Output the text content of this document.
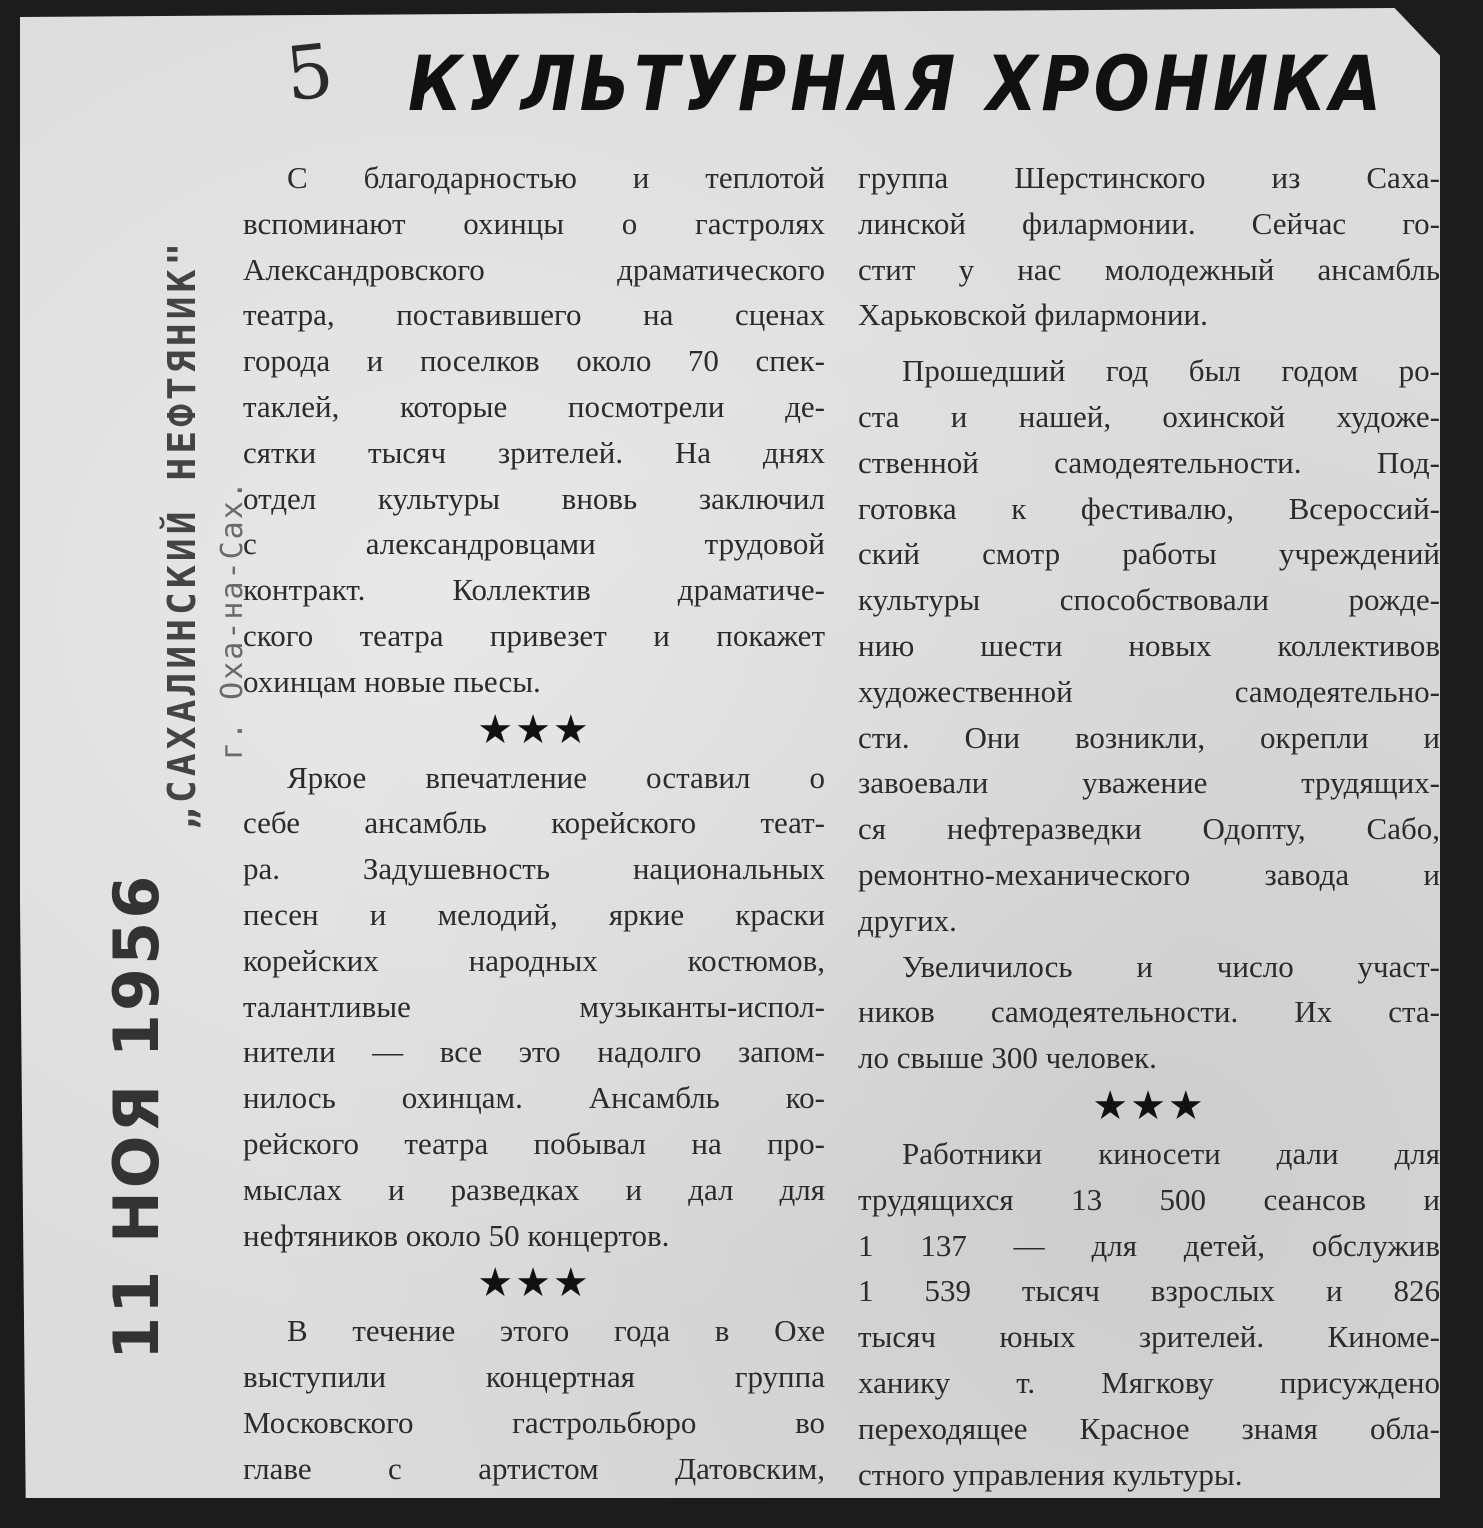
5 КУЛЬТУРНАЯ ХРОНИКА
„САХАЛИНСКИЙ НЕФТЯНИК" г. Оха-на-Сах.
11 НОЯ 1956
С благодарностью и теплотой
вспоминают охинцы о гастролях
Александровского драматического
театра, поставившего на сценах
города и поселков около 70 спек-
таклей, которые посмотрели де-
сятки тысяч зрителей. На днях
отдел культуры вновь заключил
с александровцами трудовой
контракт. Коллектив драматиче-
ского театра привезет и покажет
охинцам новые пьесы.
★★★
Яркое впечатление оставил о
себе ансамбль корейского теат-
ра. Задушевность национальных
песен и мелодий, яркие краски
корейских народных костюмов,
талантливые музыканты-испол-
нители — все это надолго запом-
нилось охинцам. Ансамбль ко-
рейского театра побывал на про-
мыслах и разведках и дал для
нефтяников около 50 концертов.
★★★
В течение этого года в Охе
выступили концертная группа
Московского гастрольбюро во
главе с артистом Датовским,
группа Шерстинского из Саха-
линской филармонии. Сейчас го-
стит у нас молодежный ансамбль
Харьковской филармонии.
Прошедший год был годом ро-
ста и нашей, охинской художе-
ственной самодеятельности. Под-
готовка к фестивалю, Всероссий-
ский смотр работы учреждений
культуры способствовали рожде-
нию шести новых коллективов
художественной самодеятельно-
сти. Они возникли, окрепли и
завоевали уважение трудящих-
ся нефтеразведки Одопту, Сабо,
ремонтно-механического завода и
других.
Увеличилось и число участ-
ников самодеятельности. Их ста-
ло свыше 300 человек.
★★★
Работники киносети дали для
трудящихся 13 500 сеансов и
1 137 — для детей, обслужив
1 539 тысяч взрослых и 826
тысяч юных зрителей. Киноме-
ханику т. Мягкову присуждено
переходящее Красное знамя обла-
стного управления культуры.
